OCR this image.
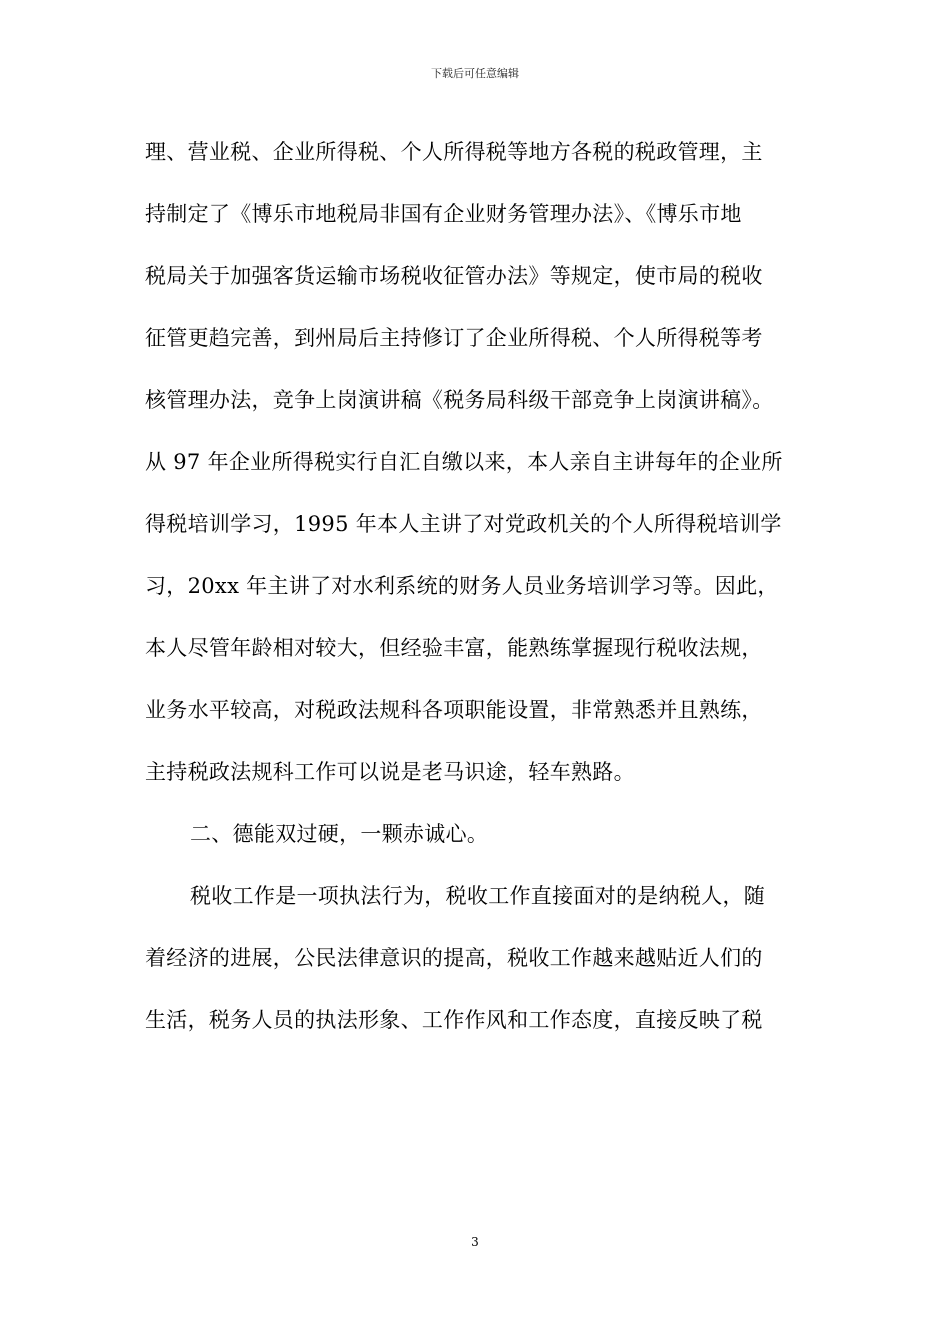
下载后可任意编辑
理、营业税、企业所得税、个人所得税等地方各税的税政管理，主
持制定了《博乐市地税局非国有企业财务管理办法》、《博乐市地
税局关于加强客货运输市场税收征管办法》等规定，使市局的税收
征管更趋完善，到州局后主持修订了企业所得税、个人所得税等考
核管理办法，竞争上岗演讲稿《税务局科级干部竞争上岗演讲稿》。
从 97 年企业所得税实行自汇自缴以来，本人亲自主讲每年的企业所
得税培训学习，1995 年本人主讲了对党政机关的个人所得税培训学
习，20xx 年主讲了对水利系统的财务人员业务培训学习等。因此，
本人尽管年龄相对较大，但经验丰富，能熟练掌握现行税收法规，
业务水平较高，对税政法规科各项职能设置，非常熟悉并且熟练，
主持税政法规科工作可以说是老马识途，轻车熟路。
二、德能双过硬，一颗赤诚心。
税收工作是一项执法行为，税收工作直接面对的是纳税人，随
着经济的进展，公民法律意识的提高，税收工作越来越贴近人们的
生活，税务人员的执法形象、工作作风和工作态度，直接反映了税
3
